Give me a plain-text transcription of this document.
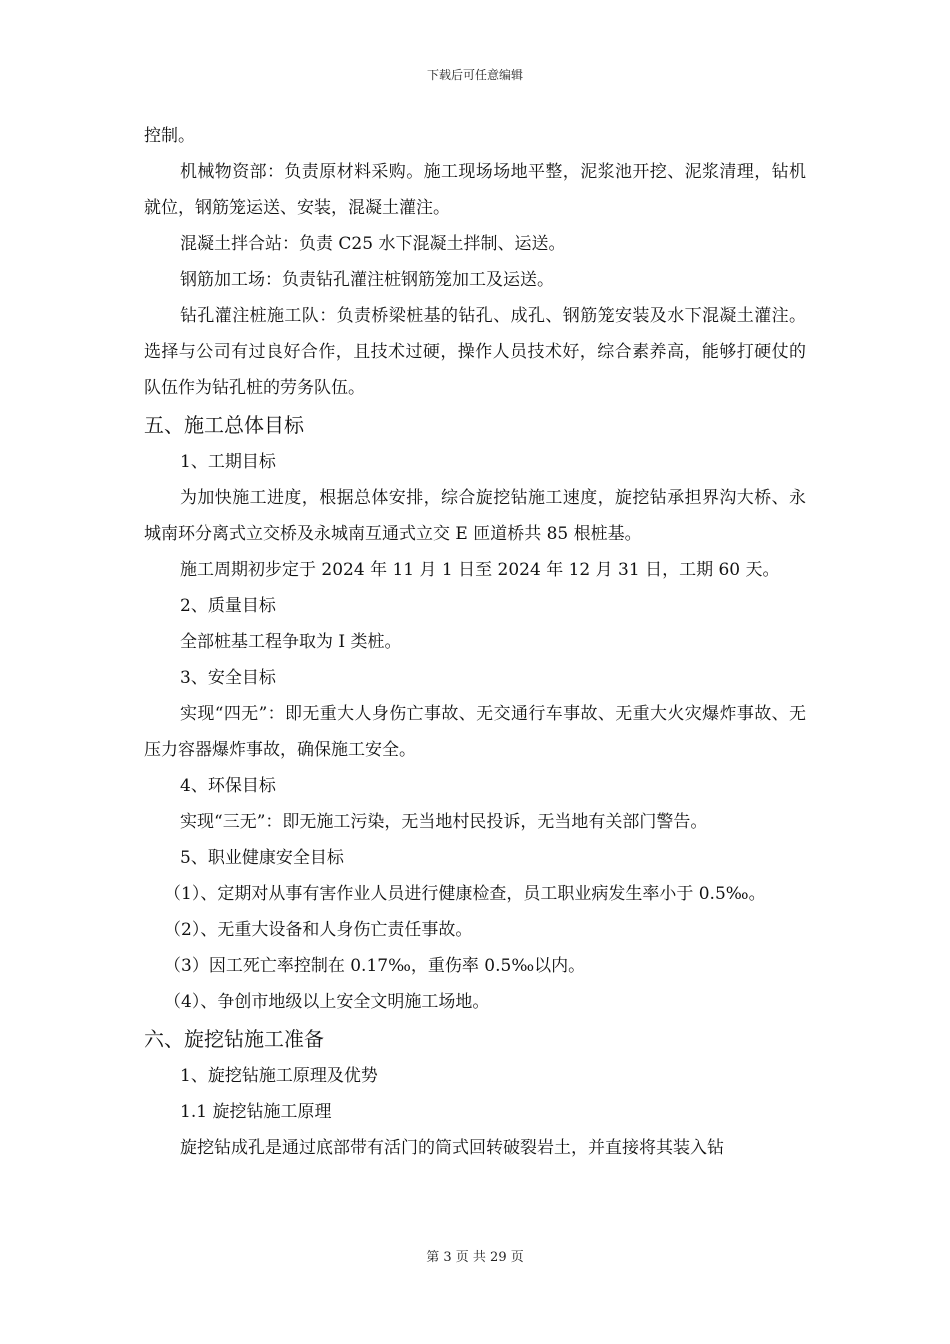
下载后可任意编辑

控制。

机械物资部：负责原材料采购。施工现场场地平整，泥浆池开挖、泥浆清理，钻机就位，钢筋笼运送、安装，混凝土灌注。

混凝土拌合站：负责 C25 水下混凝土拌制、运送。

钢筋加工场：负责钻孔灌注桩钢筋笼加工及运送。

钻孔灌注桩施工队：负责桥梁桩基的钻孔、成孔、钢筋笼安装及水下混凝土灌注。选择与公司有过良好合作，且技术过硬，操作人员技术好，综合素养高，能够打硬仗的队伍作为钻孔桩的劳务队伍。

五、施工总体目标

1、工期目标

为加快施工进度，根据总体安排，综合旋挖钻施工速度，旋挖钻承担界沟大桥、永城南环分离式立交桥及永城南互通式立交 E 匝道桥共 85 根桩基。

施工周期初步定于 2024 年 11 月 1 日至 2024 年 12 月 31 日，工期 60 天。

2、质量目标

全部桩基工程争取为 I 类桩。

3、安全目标

实现“四无”：即无重大人身伤亡事故、无交通行车事故、无重大火灾爆炸事故、无压力容器爆炸事故，确保施工安全。

4、环保目标

实现“三无”：即无施工污染，无当地村民投诉，无当地有关部门警告。

5、职业健康安全目标

（1）、定期对从事有害作业人员进行健康检查，员工职业病发生率小于 0.5‰。

（2）、无重大设备和人身伤亡责任事故。

（3）因工死亡率控制在 0.17‰，重伤率 0.5‰以内。

（4）、争创市地级以上安全文明施工场地。

六、旋挖钻施工准备

1、旋挖钻施工原理及优势

1.1 旋挖钻施工原理

旋挖钻成孔是通过底部带有活门的筒式回转破裂岩土，并直接将其装入钻

第 3 页 共 29 页
